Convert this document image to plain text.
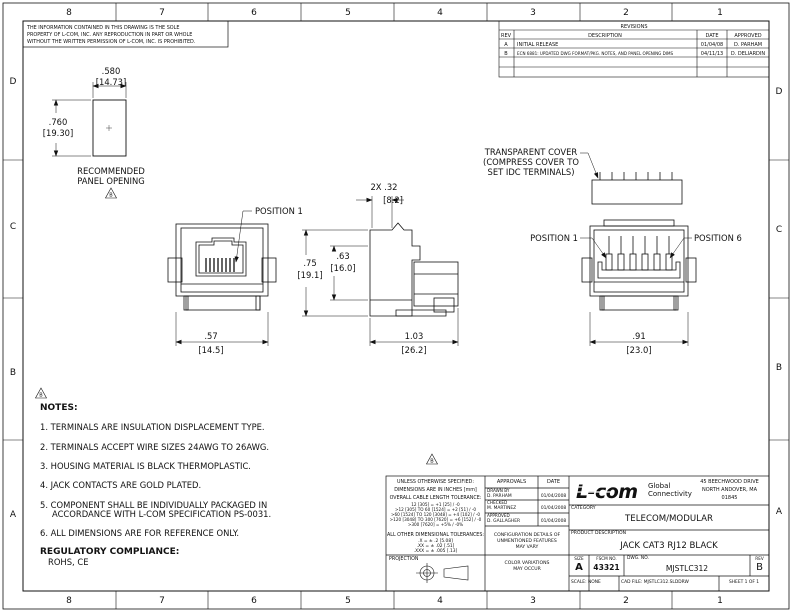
8	7	6	5	4	3	2	1
8	7	6	5	4	3	2	1
D
C
B
A
D
C
B
A
THE INFORMATION CONTAINED IN THIS DRAWING IS THE SOLE
PROPERTY OF L-COM, INC. ANY REPRODUCTION IN PART OR WHOLE
WITHOUT THE WRITTEN PERMISSION OF L-COM, INC. IS PROHIBITED.
REVISIONS
REV	DESCRIPTION	DATE	APPROVED
A INITIAL RELEASE	01/04/08 D. PARHAM
B ECN 6881: UPDATED DWG FORMAT/PKG. NOTES, AND PANEL OPENING DIMS	04/11/13 D. DELIARDIN
.580
[14.73]
.760
[19.30]
RECOMMENDED
PANEL OPENING
B
POSITION 1
.57
[14.5]
2X .32
[8.2]
.75
[19.1]
.63
[16.0]
1.03
[26.2]
TRANSPARENT COVER
(COMPRESS COVER TO
SET IDC TERMINALS)
POSITION 1	POSITION 6
.91
[23.0]
B
B
L-com
NOTES:
1. TERMINALS ARE INSULATION DISPLACEMENT TYPE.
2. TERMINALS ACCEPT WIRE SIZES 24AWG TO 26AWG.
3. HOUSING MATERIAL IS BLACK THERMOPLASTIC.
4. JACK CONTACTS ARE GOLD PLATED.
5. COMPONENT SHALL BE INDIVIDUALLY PACKAGED IN
ACCORDANCE WITH L-COM SPECIFICATION PS-0031.
6. ALL DIMENSIONS ARE FOR REFERENCE ONLY.
REGULATORY COMPLIANCE:
ROHS, CE
UNLESS OTHERWISE SPECIFIED:
DIMENSIONS ARE IN INCHES [mm]
OVERALL CABLE LENGTH TOLERANCE:
12 [305] = +1 [25] / -0
>12 [305] TO 60 [1524] = +2 [51] / -0
>60 [1524] TO 120 [3048] = +4 [102] / -0
>120 [3048] TO 300 [7620] = +6 [152] / -0
>300 [7620] = +5% / -0%
ALL OTHER DIMENSIONAL TOLERANCES:
.X = ± .2 [5.08]
.XX = ± .02 [.51]
.XXX = ± .005 [.13]
PROJECTION
APPROVALS	DATE
DRAWN BY
D. PARHAM	01/04/2008
CHECKED
M. MARTINEZ	01/04/2008
APPROVED
D. GALLAGHER	01/04/2008
CONFIGURATION DETAILS OF
UNMENTIONED FEATURES
MAY VARY
COLOR VARIATIONS
MAY OCCUR
Global
Connectivity
45 BEECHWOOD DRIVE
NORTH ANDOVER, MA
01845
CATEGORY
TELECOM/MODULAR
PRODUCT DESCRIPTION
JACK CAT3 RJ12 BLACK
SIZE
A
FSCM NO.
43321
DWG. NO.
MJSTLC312
REV
B
SCALE: NONE	CAD FILE: MJSTLC312.SLDDRW	SHEET 1 OF 1
